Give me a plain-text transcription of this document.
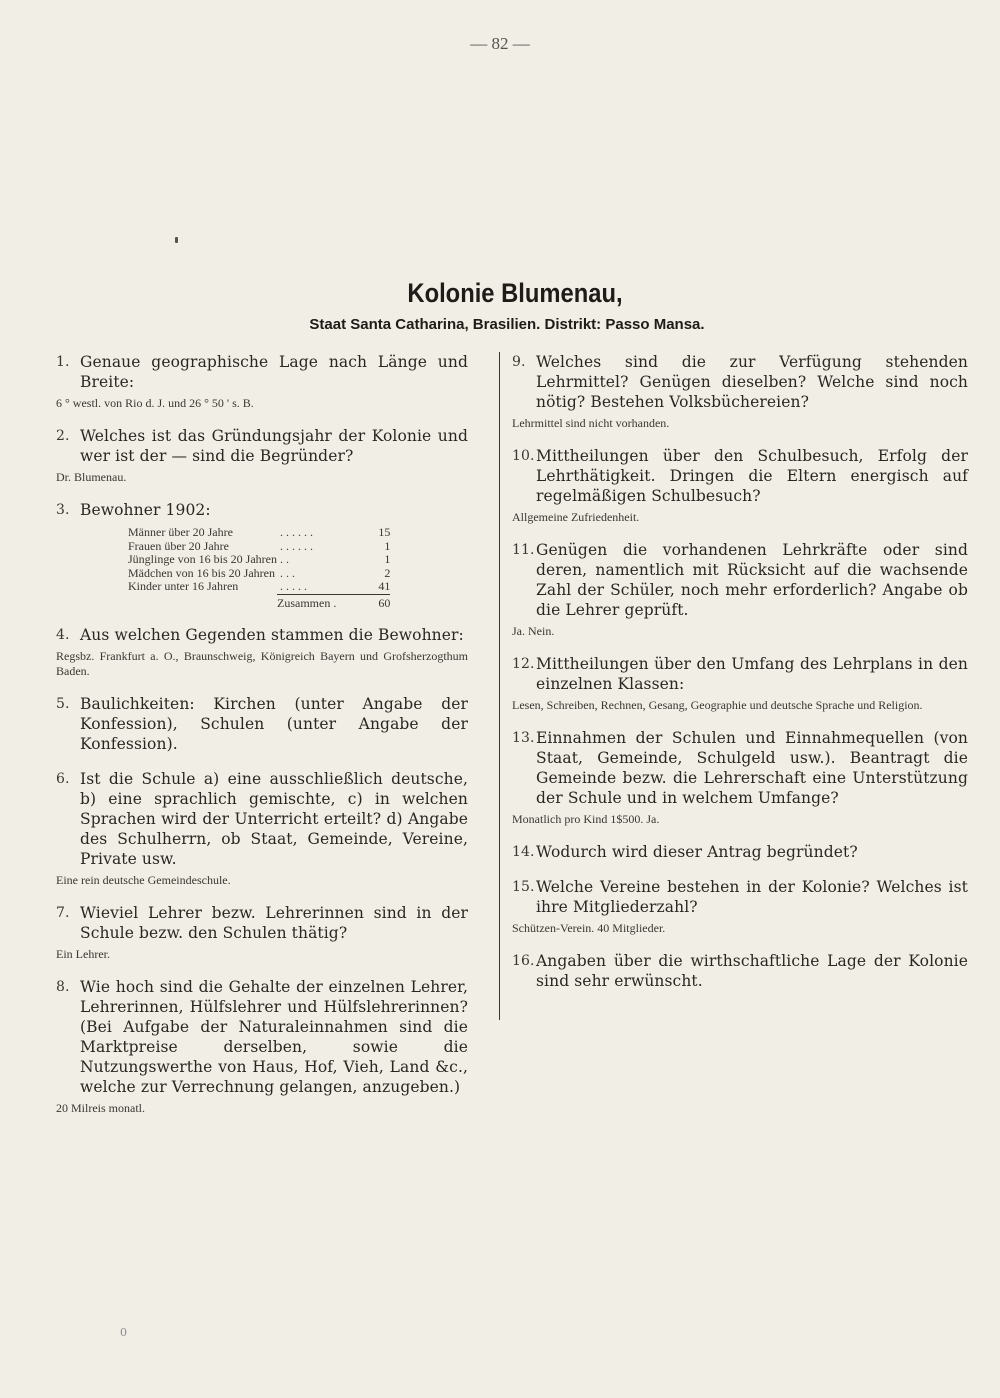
— 82 —
Kolonie Blumenau,
Staat Santa Catharina, Brasilien. Distrikt: Passo Mansa.
1. Genaue geographische Lage nach Länge und Breite:
6 ° westl. von Rio d. J. und 26 ° 50 ' s. B.
2. Welches ist das Gründungsjahr der Kolonie und wer ist der — sind die Begründer?
Dr. Blumenau.
3. Bewohner 1902:
Männer über 20 Jahre	. . . . . .	15
Frauen über 20 Jahre	. . . . . .	1
Jünglinge von 16 bis 20 Jahren	. .	1
Mädchen von 16 bis 20 Jahren	. . .	2
Kinder unter 16 Jahren	. . . . .	41
	Zusammen .	60
4. Aus welchen Gegenden stammen die Bewohner:
Regsbz. Frankfurt a. O., Braunschweig, Königreich Bayern und Grofsherzogthum Baden.
5. Baulichkeiten: Kirchen (unter Angabe der Konfession), Schulen (unter Angabe der Konfession).
6. Ist die Schule a) eine ausschließlich deutsche, b) eine sprachlich gemischte, c) in welchen Sprachen wird der Unterricht erteilt? d) Angabe des Schulherrn, ob Staat, Gemeinde, Vereine, Private usw.
Eine rein deutsche Gemeindeschule.
7. Wieviel Lehrer bezw. Lehrerinnen sind in der Schule bezw. den Schulen thätig?
Ein Lehrer.
8. Wie hoch sind die Gehalte der einzelnen Lehrer, Lehrerinnen, Hülfslehrer und Hülfslehrerinnen? (Bei Aufgabe der Naturaleinnahmen sind die Marktpreise derselben, sowie die Nutzungswerthe von Haus, Hof, Vieh, Land &c., welche zur Verrechnung gelangen, anzugeben.)
20 Milreis monatl.
9. Welches sind die zur Verfügung stehenden Lehrmittel? Genügen dieselben? Welche sind noch nötig? Bestehen Volksbüchereien?
Lehrmittel sind nicht vorhanden.
10. Mittheilungen über den Schulbesuch, Erfolg der Lehrthätigkeit. Dringen die Eltern energisch auf regelmäßigen Schulbesuch?
Allgemeine Zufriedenheit.
11. Genügen die vorhandenen Lehrkräfte oder sind deren, namentlich mit Rücksicht auf die wachsende Zahl der Schüler, noch mehr erforderlich? Angabe ob die Lehrer geprüft.
Ja. Nein.
12. Mittheilungen über den Umfang des Lehrplans in den einzelnen Klassen:
Lesen, Schreiben, Rechnen, Gesang, Geographie und deutsche Sprache und Religion.
13. Einnahmen der Schulen und Einnahmequellen (von Staat, Gemeinde, Schulgeld usw.). Beantragt die Gemeinde bezw. die Lehrerschaft eine Unterstützung der Schule und in welchem Umfange?
Monatlich pro Kind 1$500. Ja.
14. Wodurch wird dieser Antrag begründet?
15. Welche Vereine bestehen in der Kolonie? Welches ist ihre Mitgliederzahl?
Schützen-Verein. 40 Mitglieder.
16. Angaben über die wirthschaftliche Lage der Kolonie sind sehr erwünscht.
0
